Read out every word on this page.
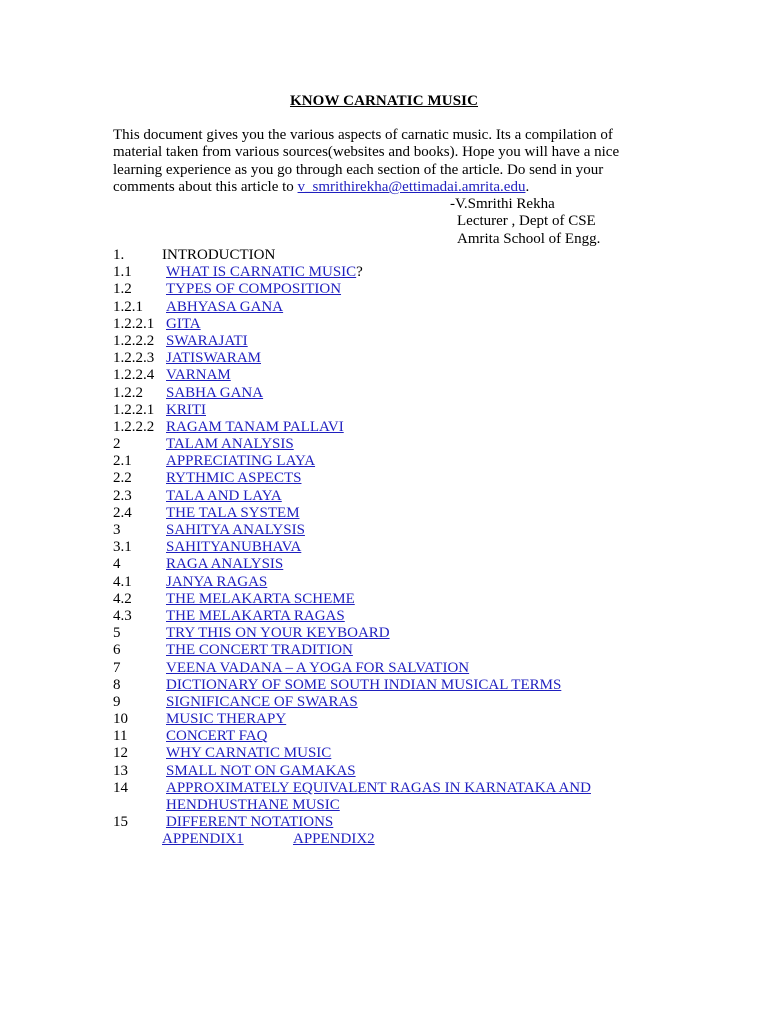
KNOW CARNATIC MUSIC
This document gives you the various aspects of carnatic music. Its a compilation of
material taken from various sources(websites and books). Hope you will have a nice
learning experience as you go through each section of the article. Do send in your
comments about this article to v_smrithirekha@ettimadai.amrita.edu.
-V.Smrithi Rekha
Lecturer , Dept of CSE
Amrita School of Engg.
1.	INTRODUCTION
1.1 WHAT IS CARNATIC MUSIC?
1.2 TYPES OF COMPOSITION
1.2.1 ABHYASA GANA
1.2.2.1 GITA
1.2.2.2 SWARAJATI
1.2.2.3 JATISWARAM
1.2.2.4 VARNAM
1.2.2 SABHA GANA
1.2.2.1 KRITI
1.2.2.2 RAGAM TANAM PALLAVI
2	TALAM ANALYSIS
2.1 APPRECIATING LAYA
2.2 RYTHMIC ASPECTS
2.3 TALA AND LAYA
2.4 THE TALA SYSTEM
3	SAHITYA ANALYSIS
3.1 SAHITYANUBHAVA
4	RAGA ANALYSIS
4.1 JANYA RAGAS
4.2 THE MELAKARTA SCHEME
4.3 THE MELAKARTA RAGAS
5	TRY THIS ON YOUR KEYBOARD
6	THE CONCERT TRADITION
7	VEENA VADANA – A YOGA FOR SALVATION
8	DICTIONARY OF SOME SOUTH INDIAN MUSICAL TERMS
9	SIGNIFICANCE OF SWARAS
10	MUSIC THERAPY
11	CONCERT FAQ
12	WHY CARNATIC MUSIC
13	SMALL NOT ON GAMAKAS
14	APPROXIMATELY EQUIVALENT RAGAS IN KARNATAKA AND
HENDHUSTHANE MUSIC
15	DIFFERENT NOTATIONS
APPENDIX1	APPENDIX2
